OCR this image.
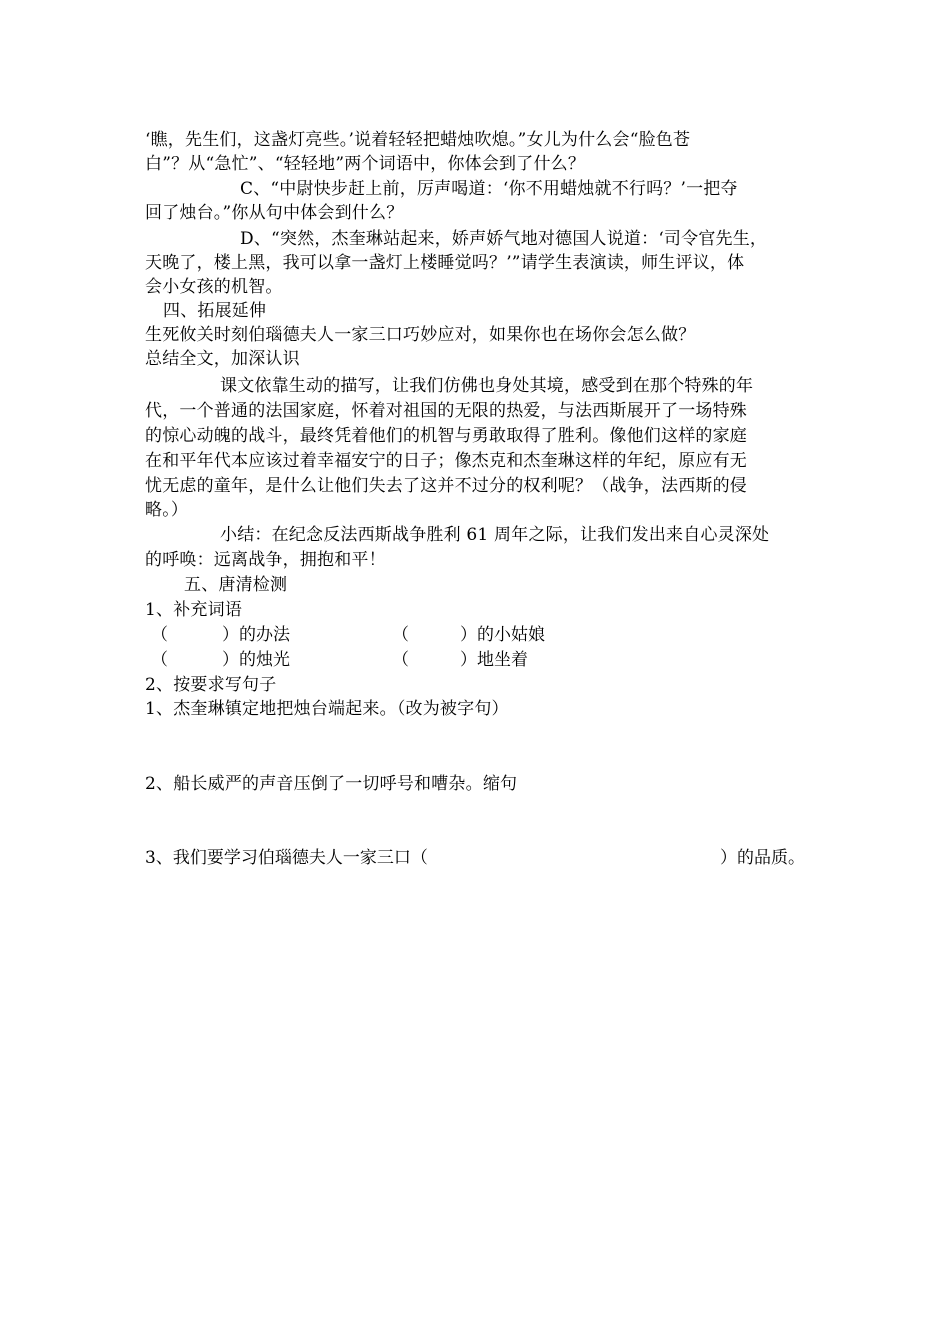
‘瞧，先生们，这盏灯亮些。’说着轻轻把蜡烛吹熄。”女儿为什么会“脸色苍
白”？从“急忙”、“轻轻地”两个词语中，你体会到了什么？
C、“中尉快步赶上前，厉声喝道：‘你不用蜡烛就不行吗？’一把夺
回了烛台。”你从句中体会到什么？
D、“突然，杰奎琳站起来，娇声娇气地对德国人说道：‘司令官先生，
天晚了，楼上黑，我可以拿一盏灯上楼睡觉吗？’”请学生表演读，师生评议，体
会小女孩的机智。
四、拓展延伸
生死攸关时刻伯瑙德夫人一家三口巧妙应对，如果你也在场你会怎么做？
总结全文，加深认识
课文依靠生动的描写，让我们仿佛也身处其境，感受到在那个特殊的年
代，一个普通的法国家庭，怀着对祖国的无限的热爱，与法西斯展开了一场特殊
的惊心动魄的战斗，最终凭着他们的机智与勇敢取得了胜利。像他们这样的家庭
在和平年代本应该过着幸福安宁的日子；像杰克和杰奎琳这样的年纪，原应有无
忧无虑的童年，是什么让他们失去了这并不过分的权利呢？（战争，法西斯的侵
略。）
小结：在纪念反法西斯战争胜利 61 周年之际，让我们发出来自心灵深处
的呼唤：远离战争，拥抱和平！
五、唐清检测
1、补充词语
（	）的办法	（	）的小姑娘
（	）的烛光	（	）地坐着
2、按要求写句子
1、杰奎琳镇定地把烛台端起来。（改为被字句）
2、船长威严的声音压倒了一切呼号和嘈杂。缩句
3、我们要学习伯瑙德夫人一家三口（	）的品质。
